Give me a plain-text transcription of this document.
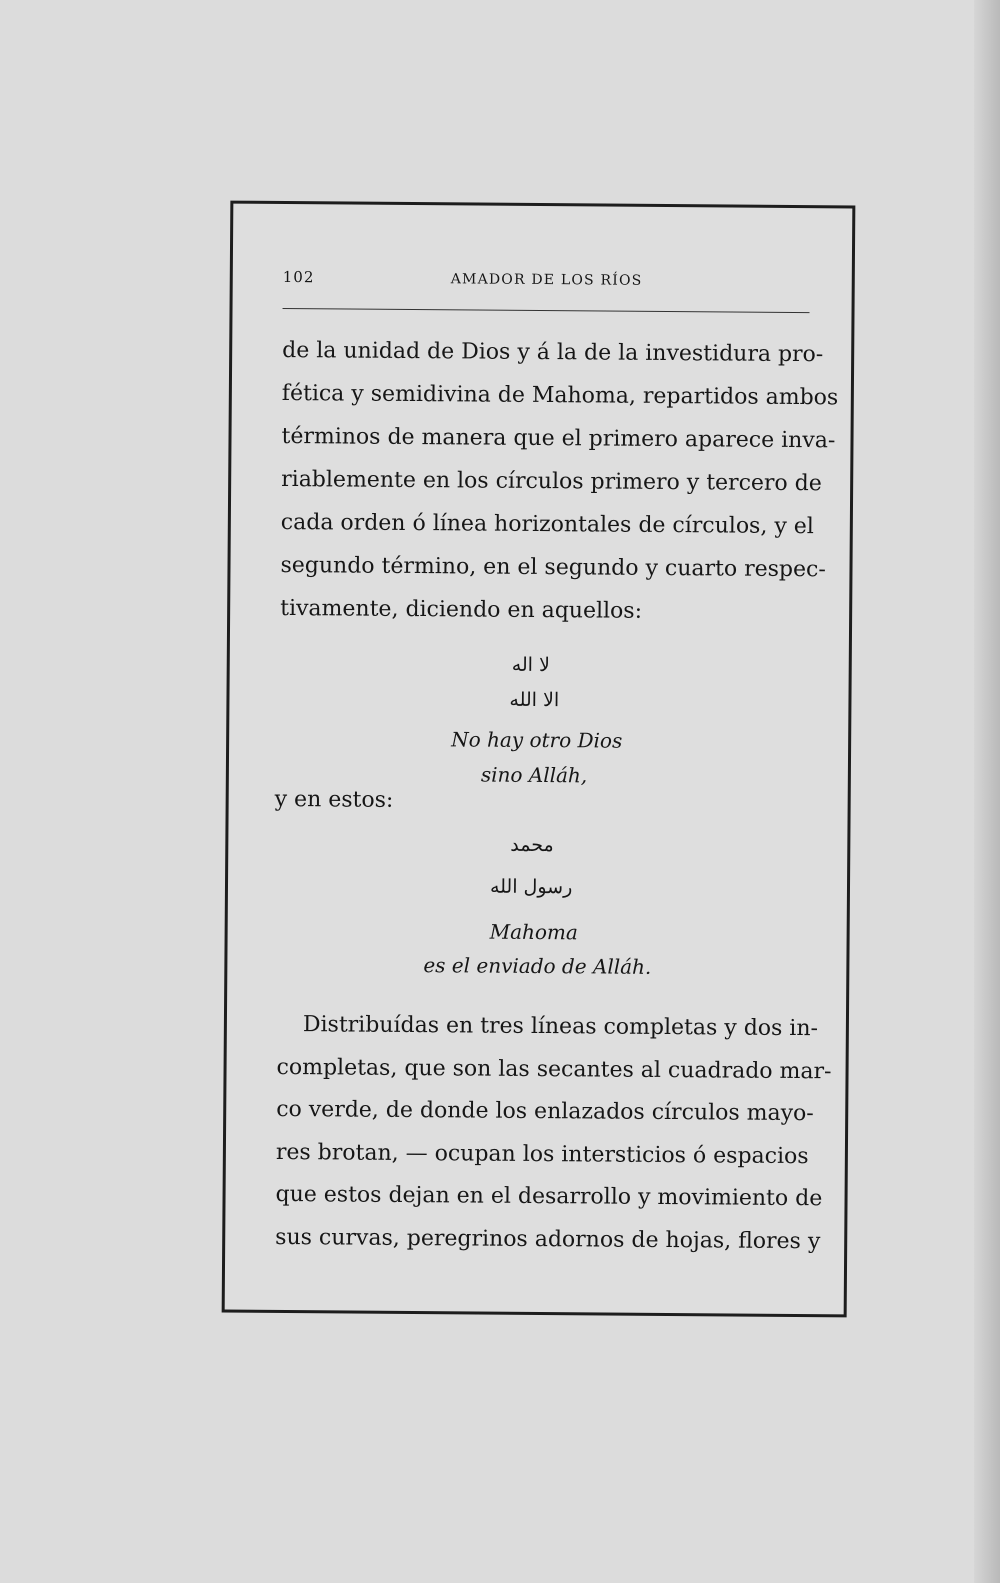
102	AMADOR DE LOS RÍOS
de la unidad de Dios y á la de la investidura pro-
fética y semidivina de Mahoma, repartidos ambos
términos de manera que el primero aparece inva-
riablemente en los círculos primero y tercero de
cada orden ó línea horizontales de círculos, y el
segundo término, en el segundo y cuarto respec-
tivamente, diciendo en aquellos:
لا اله
الا الله
No hay otro Dios
sino Alláh,
y en estos:
محمد
رسول الله
Mahoma
es el enviado de Alláh.
Distribuídas en tres líneas completas y dos in-
completas, que son las secantes al cuadrado mar-
co verde, de donde los enlazados círculos mayo-
res brotan, — ocupan los intersticios ó espacios
que estos dejan en el desarrollo y movimiento de
sus curvas, peregrinos adornos de hojas, flores y
